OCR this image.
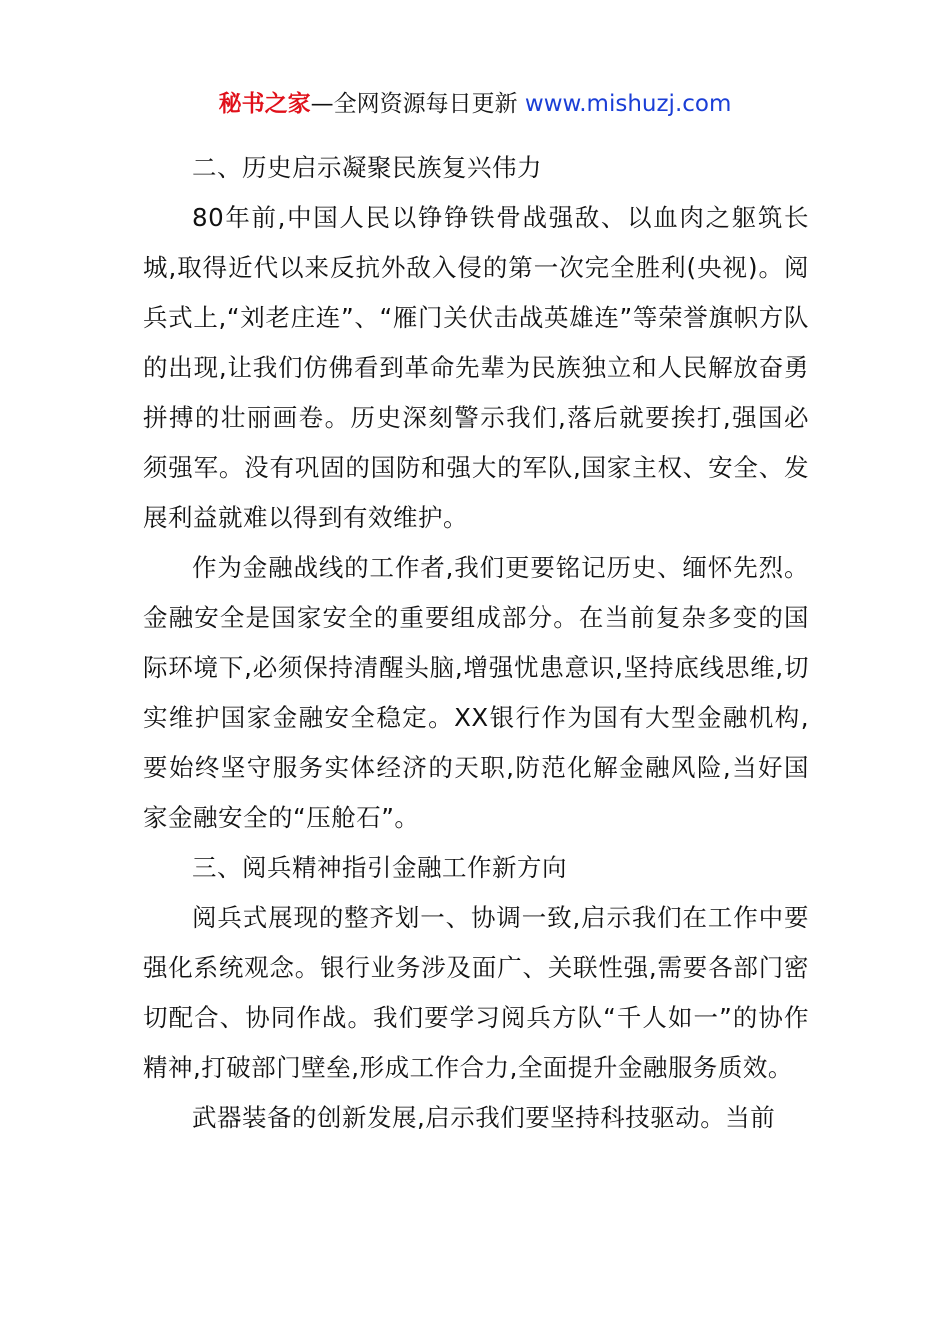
秘书之家—全网资源每日更新 www.mishuzj.com

二、历史启示凝聚民族复兴伟力

80年前,中国人民以铮铮铁骨战强敌、以血肉之躯筑长城,取得近代以来反抗外敌入侵的第一次完全胜利(央视)。阅兵式上,“刘老庄连”、“雁门关伏击战英雄连”等荣誉旗帜方队的出现,让我们仿佛看到革命先辈为民族独立和人民解放奋勇拼搏的壮丽画卷。历史深刻警示我们,落后就要挨打,强国必须强军。没有巩固的国防和强大的军队,国家主权、安全、发展利益就难以得到有效维护。

作为金融战线的工作者,我们更要铭记历史、缅怀先烈。金融安全是国家安全的重要组成部分。在当前复杂多变的国际环境下,必须保持清醒头脑,增强忧患意识,坚持底线思维,切实维护国家金融安全稳定。XX银行作为国有大型金融机构,要始终坚守服务实体经济的天职,防范化解金融风险,当好国家金融安全的“压舱石”。

三、阅兵精神指引金融工作新方向

阅兵式展现的整齐划一、协调一致,启示我们在工作中要强化系统观念。银行业务涉及面广、关联性强,需要各部门密切配合、协同作战。我们要学习阅兵方队“千人如一”的协作精神,打破部门壁垒,形成工作合力,全面提升金融服务质效。

武器装备的创新发展,启示我们要坚持科技驱动。当前
